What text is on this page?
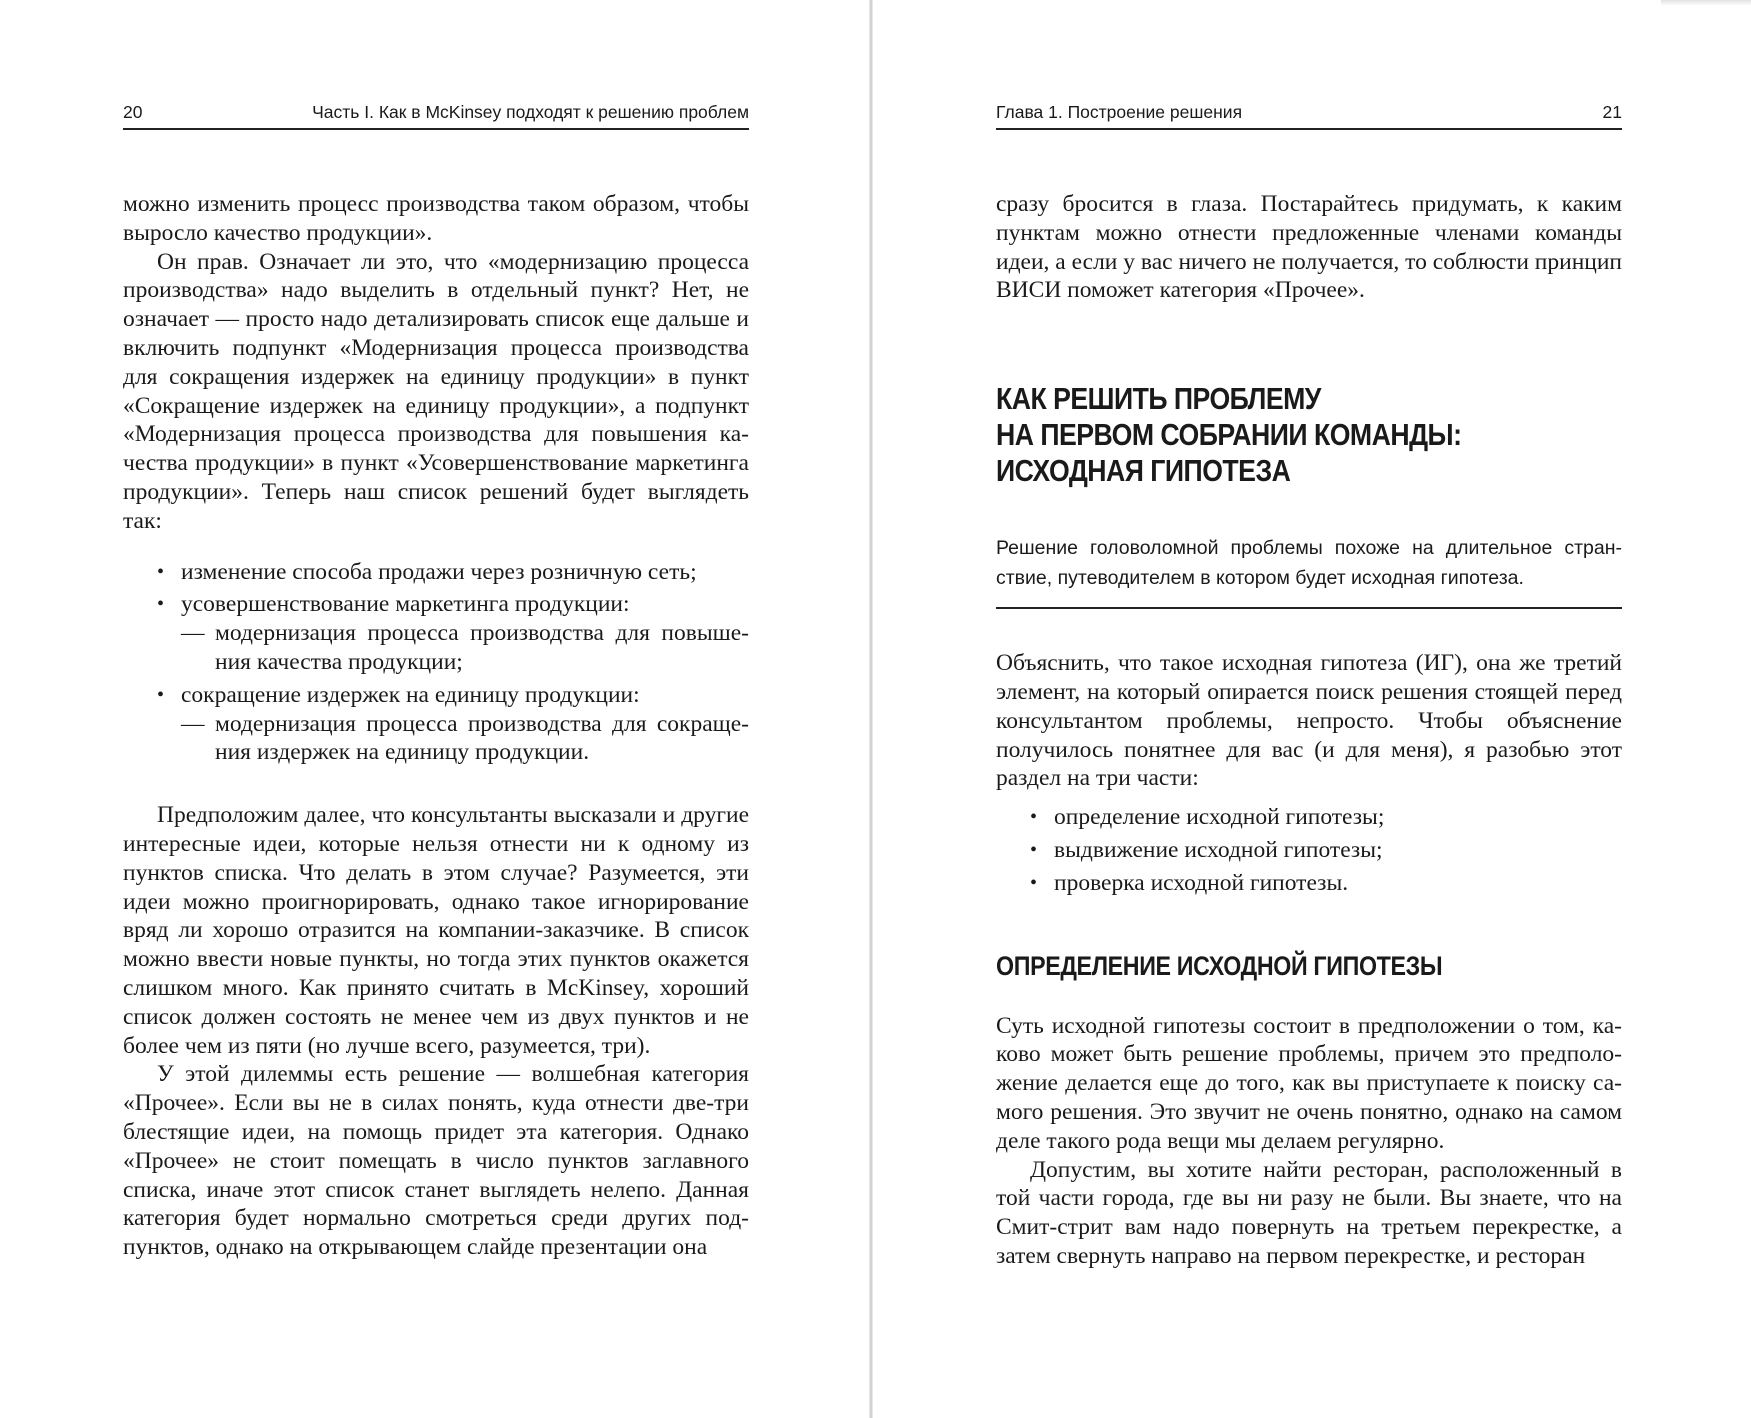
20	Часть I. Как в McKinsey подходят к решению проблем

можно изменить процесс производства таком образом, чтобы выросло качество продукции».

Он прав. Означает ли это, что «модернизацию процесса производства» надо выделить в отдельный пункт? Нет, не означает — просто надо детализировать список еще дальше и включить подпункт «Модернизация процесса производства для сокращения издержек на единицу продукции» в пункт «Сокращение издержек на единицу продукции», а подпункт «Модернизация процесса производства для повышения качества продукции» в пункт «Усовершенствование маркетинга продукции». Теперь наш список решений будет выглядеть так:

• изменение способа продажи через розничную сеть;
• усовершенствование маркетинга продукции:
— модернизация процесса производства для повышения качества продукции;
• сокращение издержек на единицу продукции:
— модернизация процесса производства для сокращения издержек на единицу продукции.

Предположим далее, что консультанты высказали и другие интересные идеи, которые нельзя отнести ни к одному из пунктов списка. Что делать в этом случае? Разумеется, эти идеи можно проигнорировать, однако такое игнорирование вряд ли хорошо отразится на компании-заказчике. В список можно ввести новые пункты, но тогда этих пунктов окажется слишком много. Как принято считать в McKinsey, хороший список должен состоять не менее чем из двух пунктов и не более чем из пяти (но лучше всего, разумеется, три).

У этой дилеммы есть решение — волшебная категория «Прочее». Если вы не в силах понять, куда отнести две-три блестящие идеи, на помощь придет эта категория. Однако «Прочее» не стоит помещать в число пунктов заглавного списка, иначе этот список станет выглядеть нелепо. Данная категория будет нормально смотреться среди других подпунктов, однако на открывающем слайде презентации она

Глава 1. Построение решения	21

сразу бросится в глаза. Постарайтесь придумать, к каким пунктам можно отнести предложенные членами команды идеи, а если у вас ничего не получается, то соблюсти принцип ВИСИ поможет категория «Прочее».

КАК РЕШИТЬ ПРОБЛЕМУ

НА ПЕРВОМ СОБРАНИИ КОМАНДЫ:

ИСХОДНАЯ ГИПОТЕЗА

Решение головоломной проблемы похоже на длительное странствие, путеводителем в котором будет исходная гипотеза.

Объяснить, что такое исходная гипотеза (ИГ), она же третий элемент, на который опирается поиск решения стоящей перед консультантом проблемы, непросто. Чтобы объяснение получилось понятнее для вас (и для меня), я разобью этот раздел на три части:

• определение исходной гипотезы;
• выдвижение исходной гипотезы;
• проверка исходной гипотезы.

ОПРЕДЕЛЕНИЕ ИСХОДНОЙ ГИПОТЕЗЫ

Суть исходной гипотезы состоит в предположении о том, каково может быть решение проблемы, причем это предположение делается еще до того, как вы приступаете к поиску самого решения. Это звучит не очень понятно, однако на самом деле такого рода вещи мы делаем регулярно.

Допустим, вы хотите найти ресторан, расположенный в той части города, где вы ни разу не были. Вы знаете, что на Смит-стрит вам надо повернуть на третьем перекрестке, а затем свернуть направо на первом перекрестке, и ресторан
